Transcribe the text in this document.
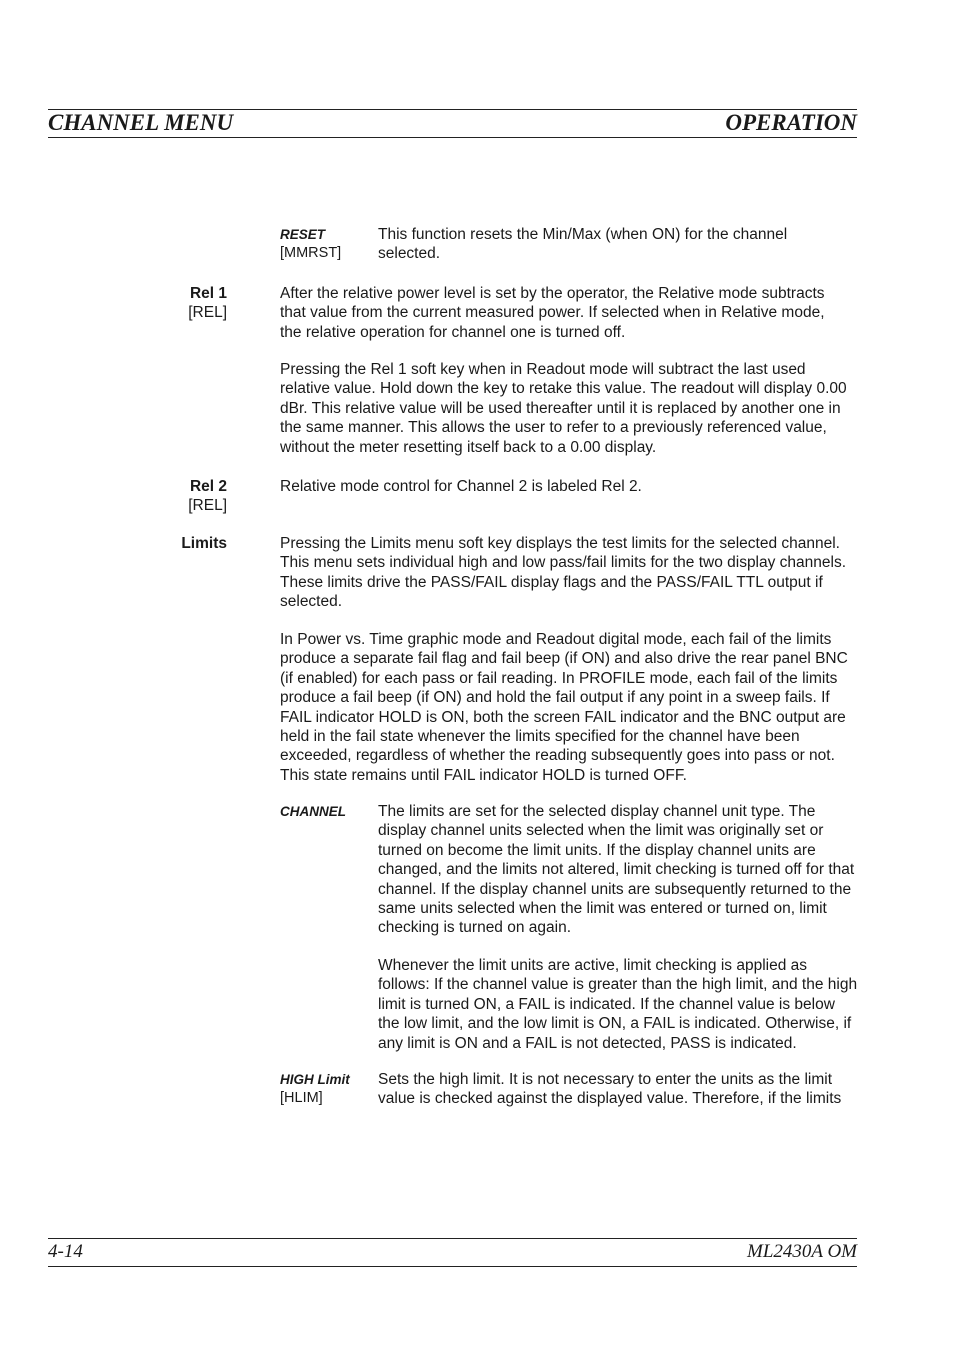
CHANNEL MENU	OPERATION
RESET
[MMRST]

This function resets the Min/Max (when ON) for the channel selected.

Rel 1
[REL]

After the relative power level is set by the operator, the Relative mode subtracts that value from the current measured power. If selected when in Relative mode, the relative operation for channel one is turned off.

Pressing the Rel 1 soft key when in Readout mode will subtract the last used relative value. Hold down the key to retake this value. The readout will display 0.00 dBr. This relative value will be used thereafter until it is replaced by another one in the same manner. This allows the user to refer to a previously referenced value, without the meter resetting itself back to a 0.00 display.

Rel 2
[REL]

Relative mode control for Channel 2 is labeled Rel 2.

Limits	Pressing the Limits menu soft key displays the test limits for the selected channel. This menu sets individual high and low pass/fail limits for the two display channels. These limits drive the PASS/FAIL display flags and the PASS/FAIL TTL output if selected.

In Power vs. Time graphic mode and Readout digital mode, each fail of the limits produce a separate fail flag and fail beep (if ON) and also drive the rear panel BNC (if enabled) for each pass or fail reading. In PROFILE mode, each fail of the limits produce a fail beep (if ON) and hold the fail output if any point in a sweep fails. If FAIL indicator HOLD is ON, both the screen FAIL indicator and the BNC output are held in the fail state whenever the limits specified for the channel have been exceeded, regardless of whether the reading subsequently goes into pass or not. This state remains until FAIL indicator HOLD is turned OFF.

CHANNEL The limits are set for the selected display channel unit type. The display channel units selected when the limit was originally set or turned on become the limit units. If the display channel units are changed, and the limits not altered, limit checking is turned off for that channel. If the display channel units are subsequently returned to the same units selected when the limit was entered or turned on, limit checking is turned on again.

Whenever the limit units are active, limit checking is applied as follows: If the channel value is greater than the high limit, and the high limit is turned ON, a FAIL is indicated. If the channel value is below the low limit, and the low limit is ON, a FAIL is indicated. Otherwise, if any limit is ON and a FAIL is not detected, PASS is indicated.

HIGH Limit
[HLIM]

Sets the high limit. It is not necessary to enter the units as the limit value is checked against the displayed value. Therefore, if the limits

4-14	ML2430A OM
